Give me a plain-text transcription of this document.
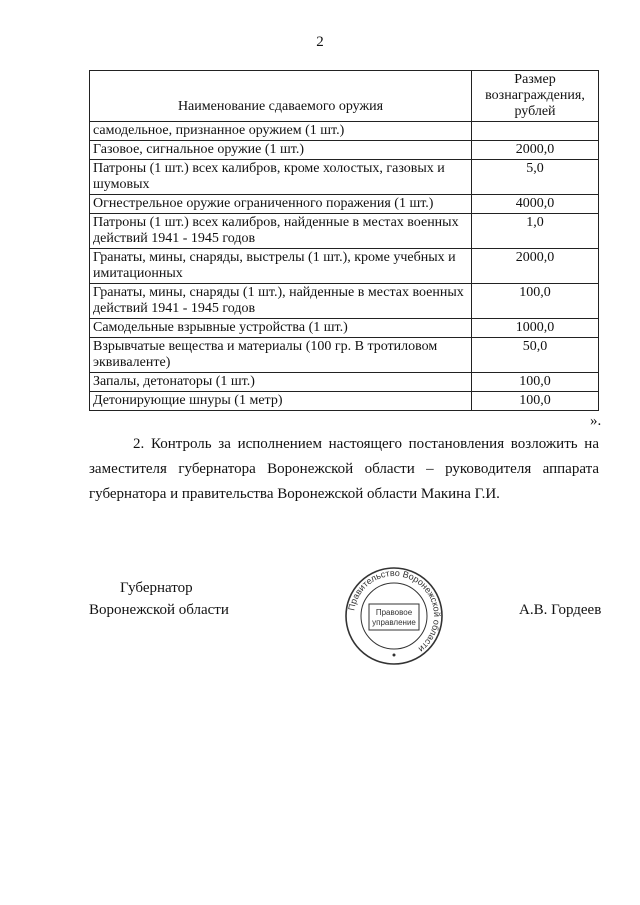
2
Наименование сдаваемого оружия	Размер вознаграждения, рублей
самодельное, признанное оружием (1 шт.)	
Газовое, сигнальное оружие (1 шт.)	2000,0
Патроны (1 шт.) всех калибров, кроме холостых, газовых и шумовых	5,0
Огнестрельное оружие ограниченного поражения (1 шт.)	4000,0
Патроны (1 шт.) всех калибров, найденные в местах военных действий 1941 - 1945 годов	1,0
Гранаты, мины, снаряды, выстрелы (1 шт.), кроме учебных и имитационных	2000,0
Гранаты, мины, снаряды (1 шт.), найденные в местах военных действий 1941 - 1945 годов	100,0
Самодельные взрывные устройства (1 шт.)	1000,0
Взрывчатые вещества и материалы (100 гр. В тротиловом эквиваленте)	50,0
Запалы, детонаторы (1 шт.)	100,0
Детонирующие шнуры (1 метр)	100,0
».
2. Контроль за исполнением настоящего постановления возложить на заместителя губернатора Воронежской области – руководителя аппарата губернатора и правительства Воронежской области Макина Г.И.
Губернатор
Воронежской области	А.В. Гордеев
Правительство Воронежской области
Правовое
управление
